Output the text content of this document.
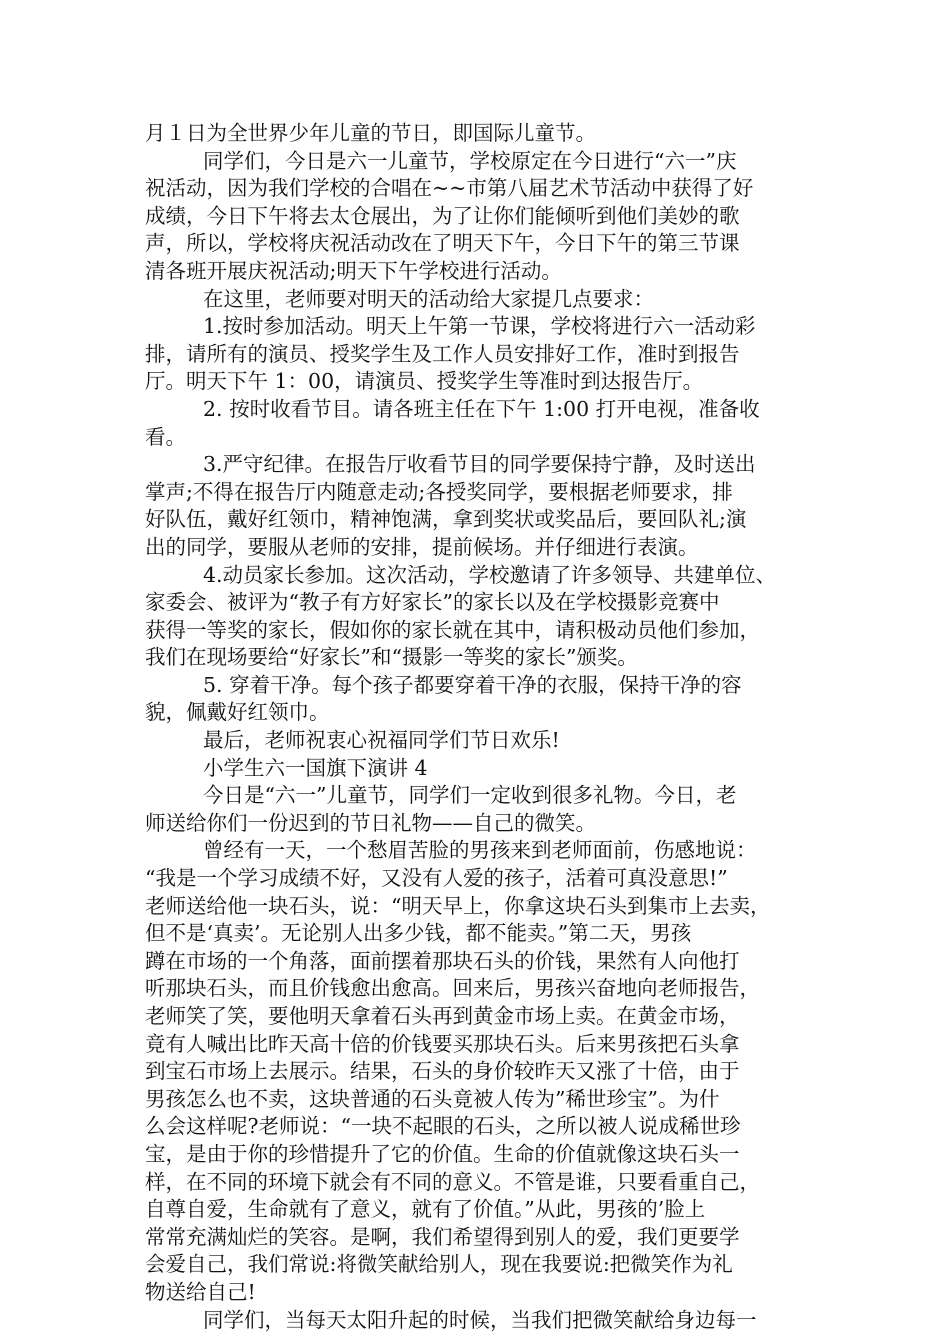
月１日为全世界少年儿童的节日，即国际儿童节。
同学们，今日是六一儿童节，学校原定在今日进行“六一”庆
祝活动，因为我们学校的合唱在~~市第八届艺术节活动中获得了好
成绩，今日下午将去太仓展出，为了让你们能倾听到他们美妙的歌
声，所以，学校将庆祝活动改在了明天下午，今日下午的第三节课
清各班开展庆祝活动;明天下午学校进行活动。
在这里，老师要对明天的活动给大家提几点要求：
1.按时参加活动。明天上午第一节课，学校将进行六一活动彩
排，请所有的演员、授奖学生及工作人员安排好工作，准时到报告
厅。明天下午 1：00，请演员、授奖学生等准时到达报告厅。
2. 按时收看节目。请各班主任在下午 1:00 打开电视，准备收
看。
3.严守纪律。在报告厅收看节目的同学要保持宁静，及时送出
掌声;不得在报告厅内随意走动;各授奖同学，要根据老师要求，排
好队伍，戴好红领巾，精神饱满，拿到奖状或奖品后，要回队礼;演
出的同学，要服从老师的安排，提前候场。并仔细进行表演。
4.动员家长参加。这次活动，学校邀请了许多领导、共建单位、
家委会、被评为“教子有方好家长”的家长以及在学校摄影竞赛中
获得一等奖的家长，假如你的家长就在其中，请积极动员他们参加，
我们在现场要给“好家长”和“摄影一等奖的家长”颁奖。
5. 穿着干净。每个孩子都要穿着干净的衣服，保持干净的容
貌，佩戴好红领巾。
最后，老师祝衷心祝福同学们节日欢乐!
小学生六一国旗下演讲 4
今日是“六一”儿童节，同学们一定收到很多礼物。今日，老
师送给你们一份迟到的节日礼物——自己的微笑。
曾经有一天，一个愁眉苦脸的男孩来到老师面前，伤感地说：
“我是一个学习成绩不好，又没有人爱的孩子，活着可真没意思!”
老师送给他一块石头，说：“明天早上，你拿这块石头到集市上去卖，
但不是‘真卖’。无论别人出多少钱，都不能卖。”第二天，男孩
蹲在市场的一个角落，面前摆着那块石头的价钱，果然有人向他打
听那块石头，而且价钱愈出愈高。回来后，男孩兴奋地向老师报告，
老师笑了笑，要他明天拿着石头再到黄金市场上卖。在黄金市场，
竟有人喊出比昨天高十倍的价钱要买那块石头。后来男孩把石头拿
到宝石市场上去展示。结果，石头的身价较昨天又涨了十倍，由于
男孩怎么也不卖，这块普通的石头竟被人传为”稀世珍宝”。为什
么会这样呢?老师说：“一块不起眼的石头，之所以被人说成稀世珍
宝，是由于你的珍惜提升了它的价值。生命的价值就像这块石头一
样，在不同的环境下就会有不同的意义。不管是谁，只要看重自己，
自尊自爱，生命就有了意义，就有了价值。”从此，男孩的’脸上
常常充满灿烂的笑容。是啊，我们希望得到别人的爱，我们更要学
会爱自己，我们常说:将微笑献给别人，现在我要说:把微笑作为礼
物送给自己!
同学们，当每天太阳升起的时候，当我们把微笑献给身边每一
